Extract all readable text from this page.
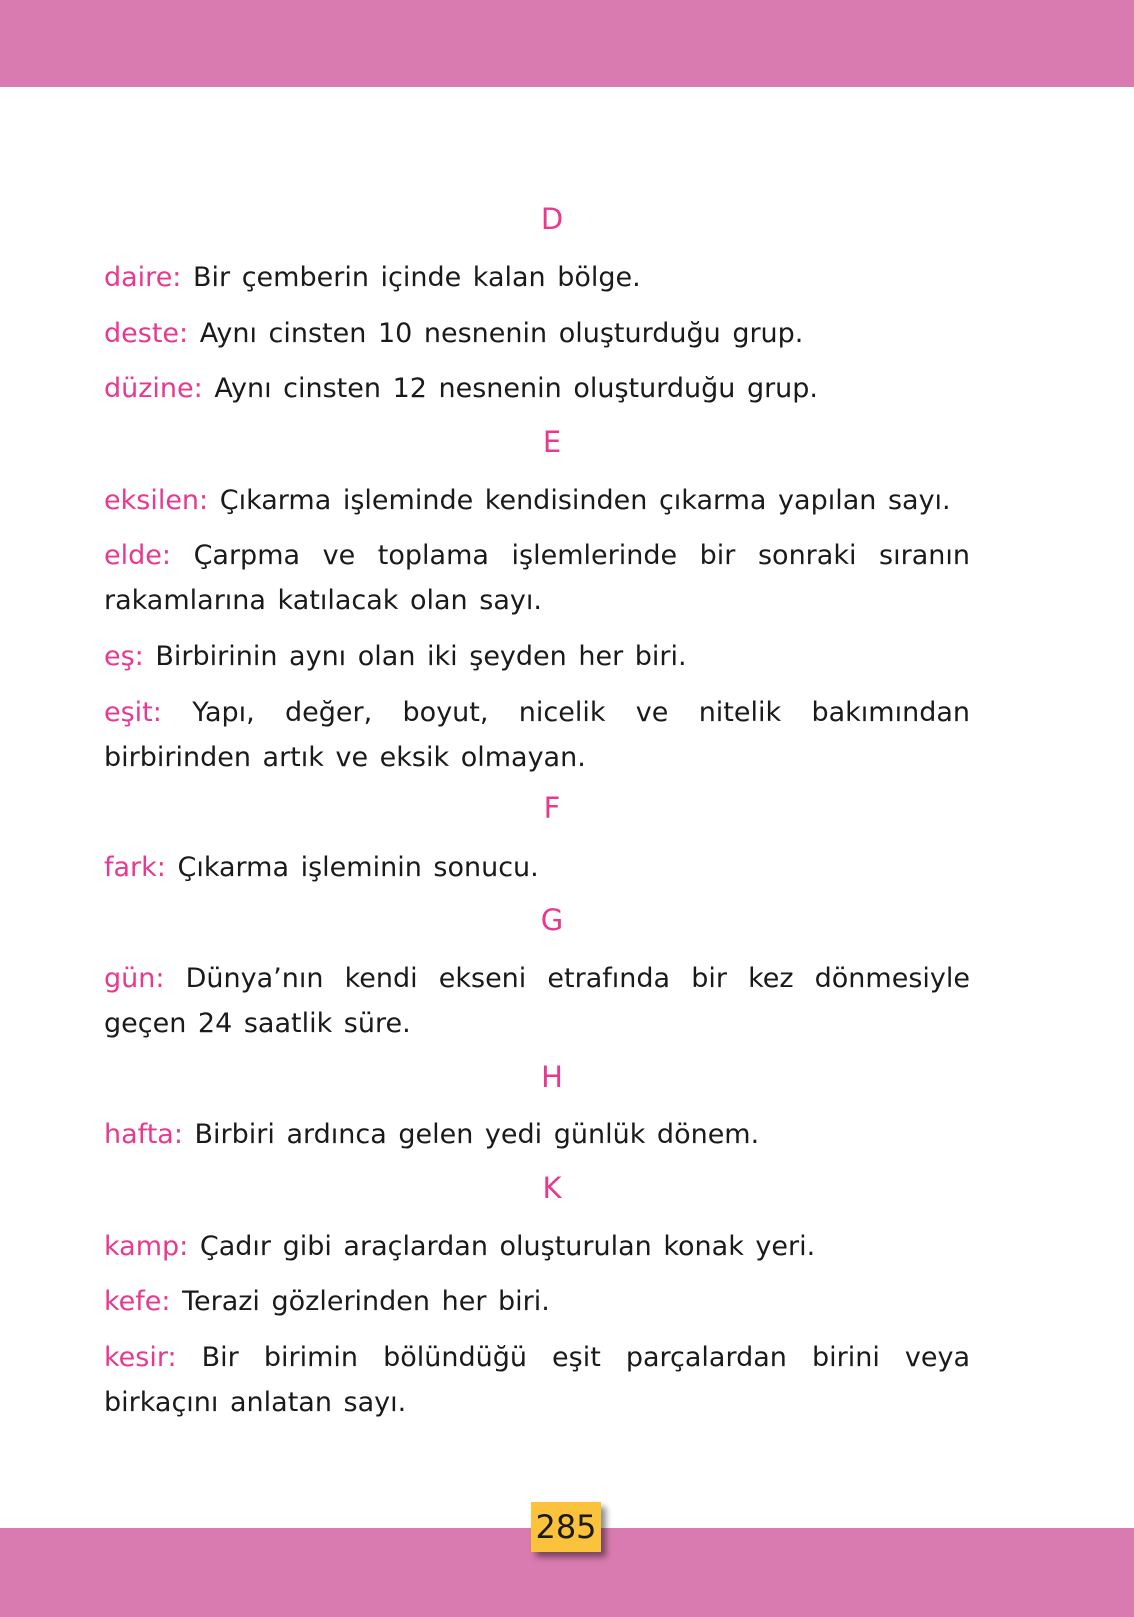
D
daire: Bir çemberin içinde kalan bölge.
deste: Aynı cinsten 10 nesnenin oluşturduğu grup.
düzine: Aynı cinsten 12 nesnenin oluşturduğu grup.
E
eksilen: Çıkarma işleminde kendisinden çıkarma yapılan sayı.
elde: Çarpma ve toplama işlemlerinde bir sonraki sıranın rakamlarına katılacak olan sayı.
eş: Birbirinin aynı olan iki şeyden her biri.
eşit: Yapı, değer, boyut, nicelik ve nitelik bakımından birbirinden artık ve eksik olmayan.
F
fark: Çıkarma işleminin sonucu.
G
gün: Dünya’nın kendi ekseni etrafında bir kez dönmesiyle geçen 24 saatlik süre.
H
hafta: Birbiri ardınca gelen yedi günlük dönem.
K
kamp: Çadır gibi araçlardan oluşturulan konak yeri.
kefe: Terazi gözlerinden her biri.
kesir: Bir birimin bölündüğü eşit parçalardan birini veya birkaçını anlatan sayı.
285
